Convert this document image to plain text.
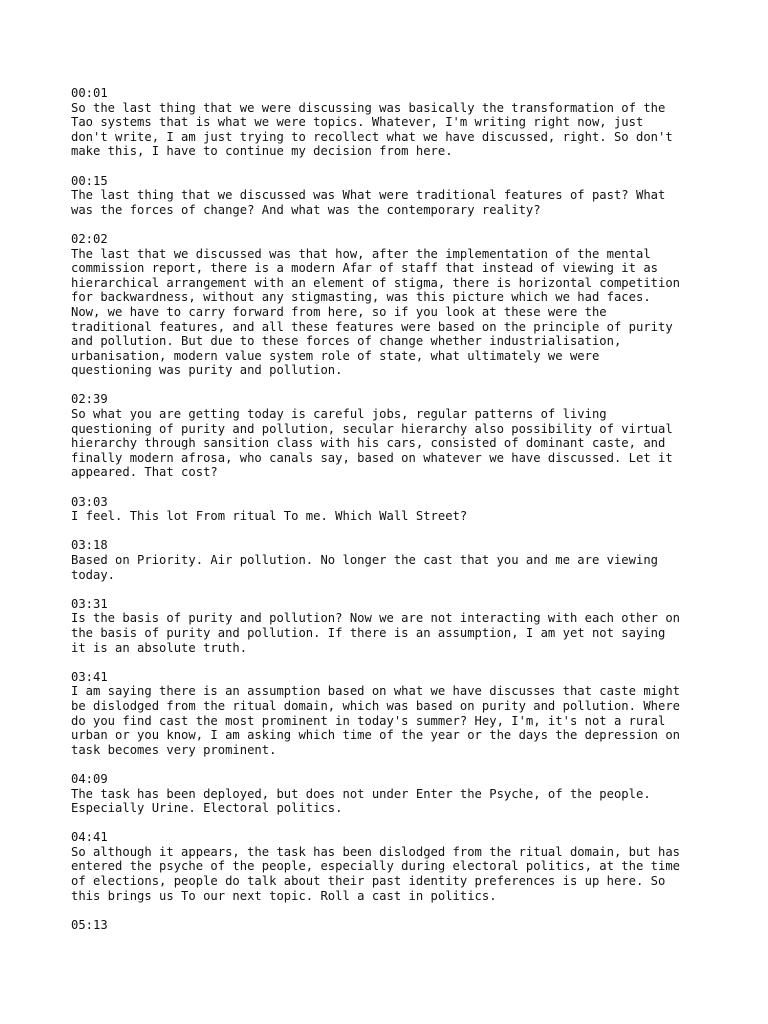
00:01
So the last thing that we were discussing was basically the transformation of the
Tao systems that is what we were topics. Whatever, I'm writing right now, just
don't write, I am just trying to recollect what we have discussed, right. So don't
make this, I have to continue my decision from here.
00:15
The last thing that we discussed was What were traditional features of past? What
was the forces of change? And what was the contemporary reality?
02:02
The last that we discussed was that how, after the implementation of the mental
commission report, there is a modern Afar of staff that instead of viewing it as
hierarchical arrangement with an element of stigma, there is horizontal competition
for backwardness, without any stigmasting, was this picture which we had faces.
Now, we have to carry forward from here, so if you look at these were the
traditional features, and all these features were based on the principle of purity
and pollution. But due to these forces of change whether industrialisation,
urbanisation, modern value system role of state, what ultimately we were
questioning was purity and pollution.
02:39
So what you are getting today is careful jobs, regular patterns of living
questioning of purity and pollution, secular hierarchy also possibility of virtual
hierarchy through sansition class with his cars, consisted of dominant caste, and
finally modern afrosa, who canals say, based on whatever we have discussed. Let it
appeared. That cost?
03:03
I feel. This lot From ritual To me. Which Wall Street?
03:18
Based on Priority. Air pollution. No longer the cast that you and me are viewing
today.
03:31
Is the basis of purity and pollution? Now we are not interacting with each other on
the basis of purity and pollution. If there is an assumption, I am yet not saying
it is an absolute truth.
03:41
I am saying there is an assumption based on what we have discusses that caste might
be dislodged from the ritual domain, which was based on purity and pollution. Where
do you find cast the most prominent in today's summer? Hey, I'm, it's not a rural
urban or you know, I am asking which time of the year or the days the depression on
task becomes very prominent.
04:09
The task has been deployed, but does not under Enter the Psyche, of the people.
Especially Urine. Electoral politics.
04:41
So although it appears, the task has been dislodged from the ritual domain, but has
entered the psyche of the people, especially during electoral politics, at the time
of elections, people do talk about their past identity preferences is up here. So
this brings us To our next topic. Roll a cast in politics.
05:13
